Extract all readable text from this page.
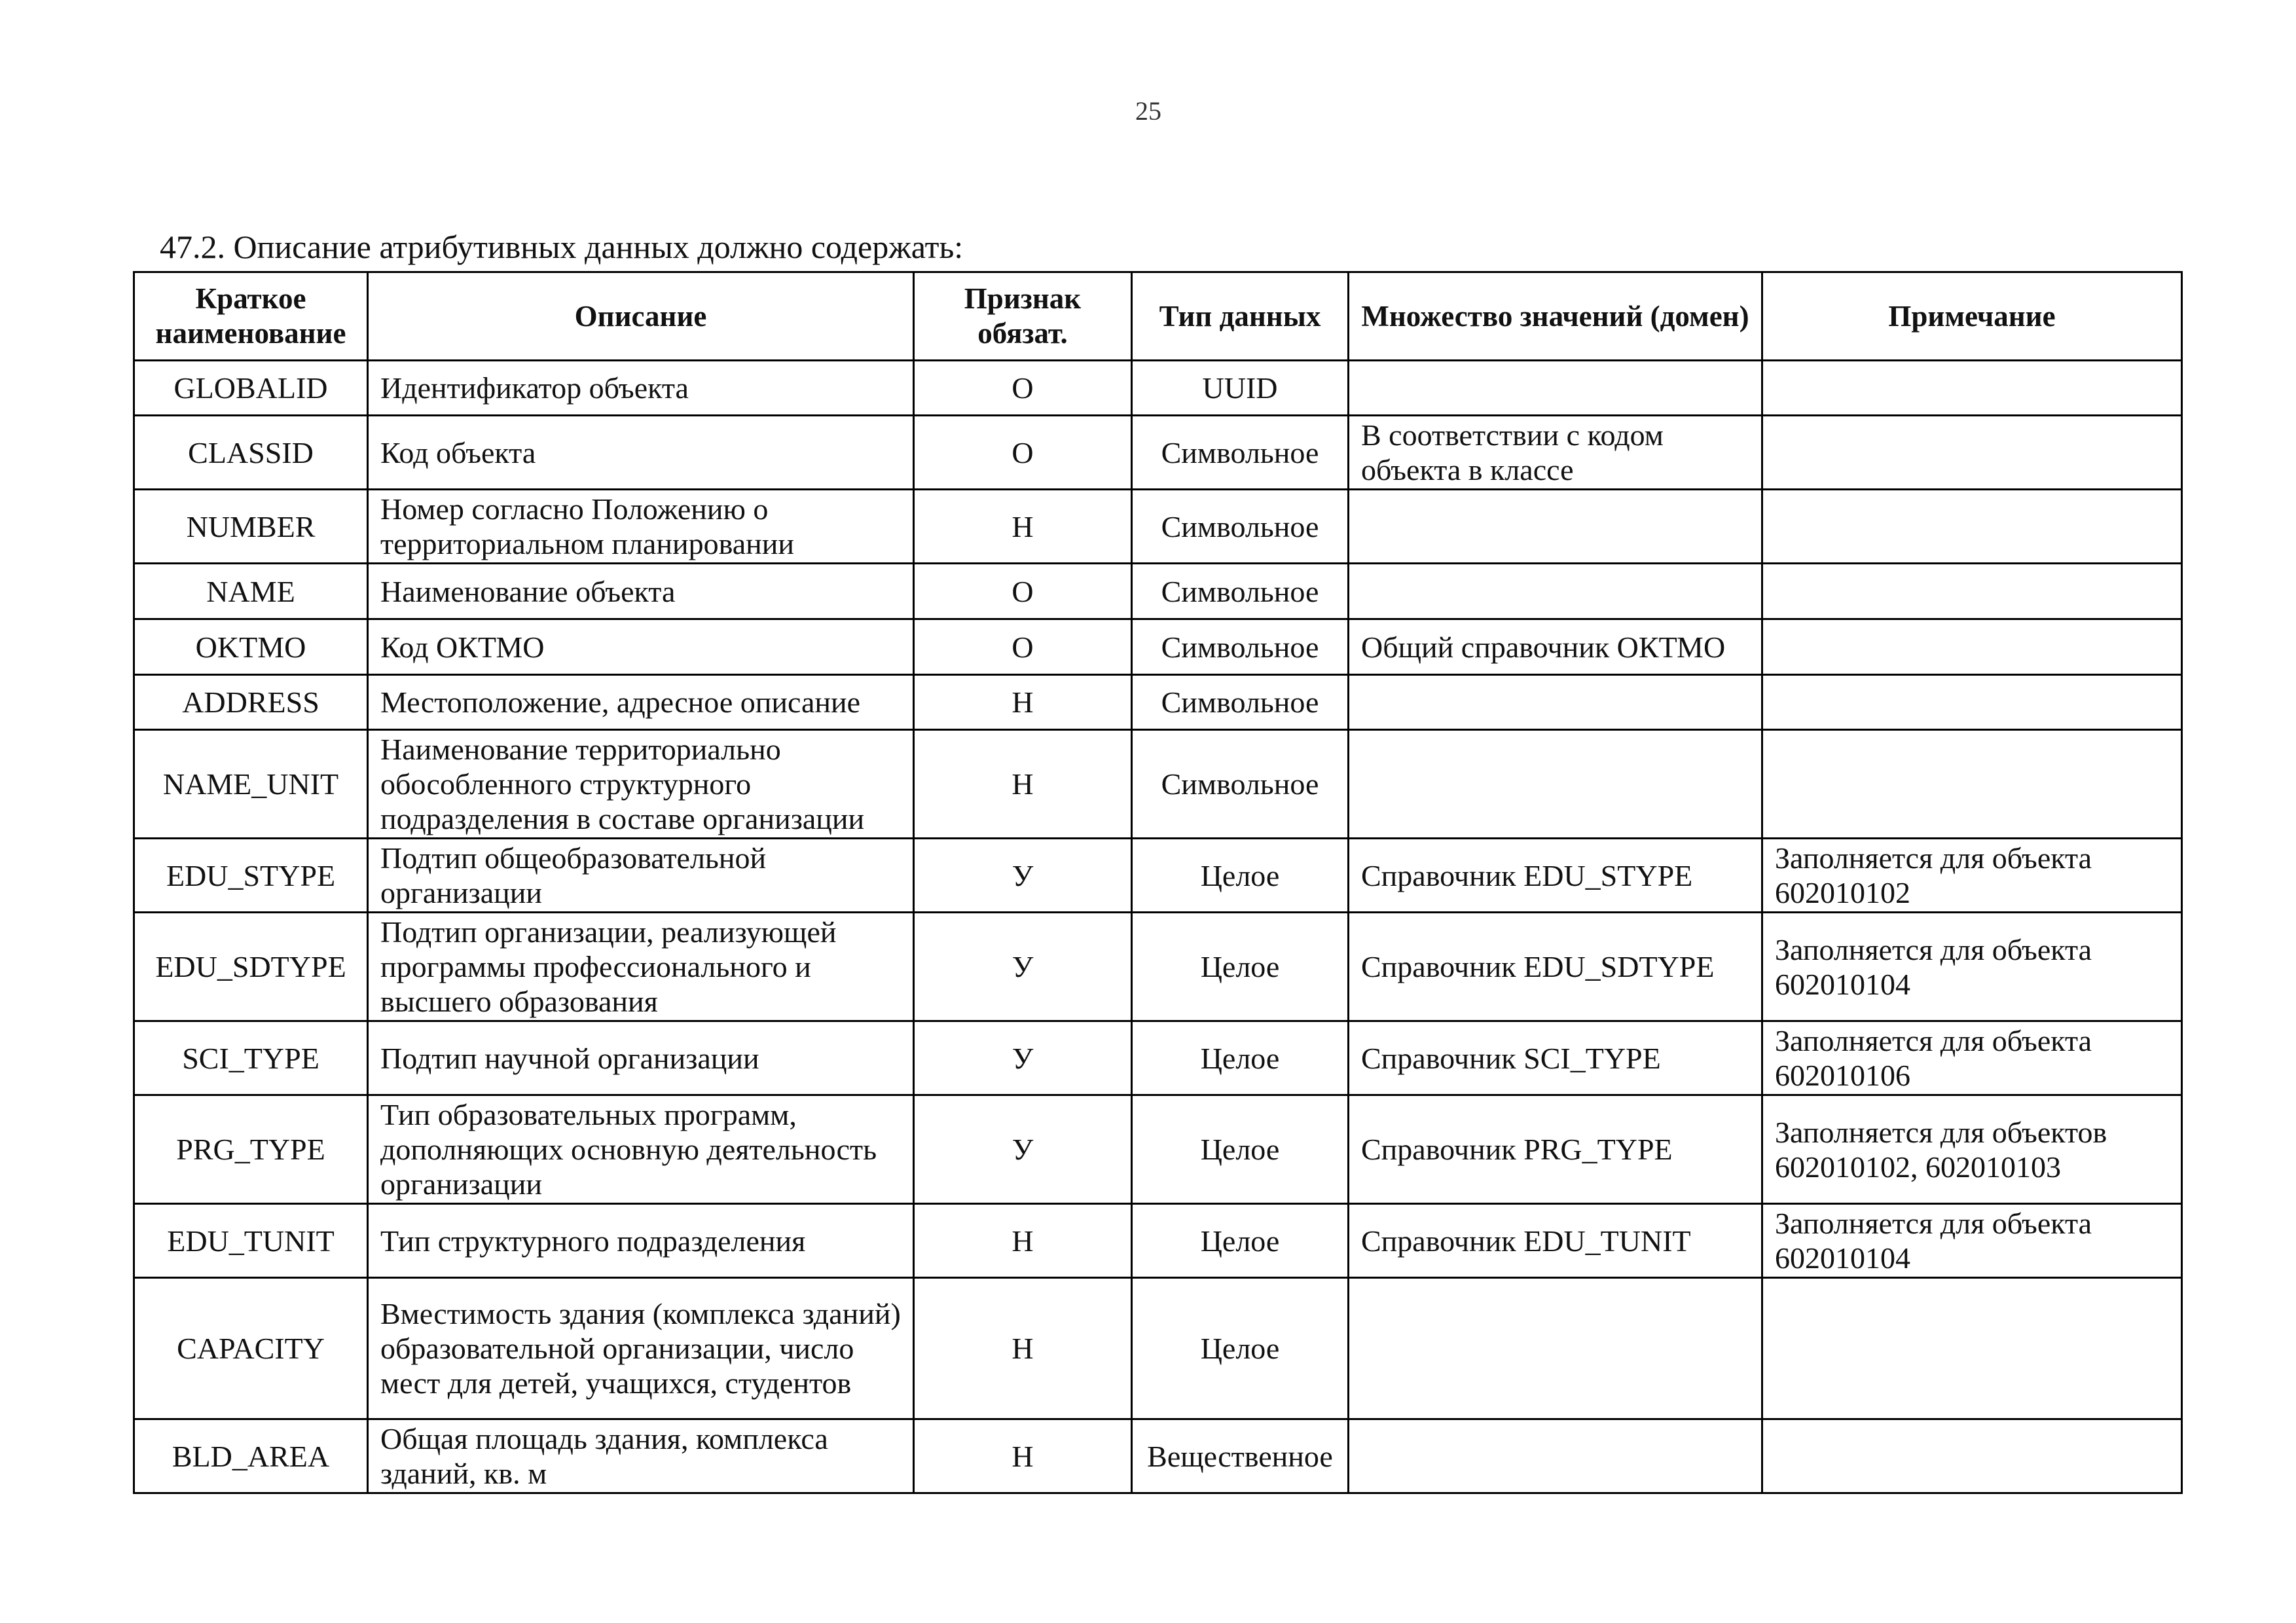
25
47.2. Описание атрибутивных данных должно содержать:
Краткое наименование	Описание	Признак обязат.	Тип данных	Множество значений (домен)	Примечание
GLOBALID	Идентификатор объекта	О	UUID		
CLASSID	Код объекта	О	Символьное	В соответствии с кодом объекта в классе	
NUMBER	Номер согласно Положению о территориальном планировании	Н	Символьное		
NAME	Наименование объекта	О	Символьное		
OKTMO	Код ОКТМО	О	Символьное	Общий справочник ОКТМО	
ADDRESS	Местоположение, адресное описание	Н	Символьное		
NAME_UNIT	Наименование территориально обособленного структурного подразделения в составе организации	Н	Символьное		
EDU_STYPE	Подтип общеобразовательной организации	У	Целое	Справочник EDU_STYPE	Заполняется для объекта 602010102
EDU_SDTYPE	Подтип организации, реализующей программы профессионального и высшего образования	У	Целое	Справочник EDU_SDTYPE	Заполняется для объекта 602010104
SCI_TYPE	Подтип научной организации	У	Целое	Справочник SCI_TYPE	Заполняется для объекта 602010106
PRG_TYPE	Тип образовательных программ, дополняющих основную деятельность организации	У	Целое	Справочник PRG_TYPE	Заполняется для объектов 602010102, 602010103
EDU_TUNIT	Тип структурного подразделения	Н	Целое	Справочник EDU_TUNIT	Заполняется для объекта 602010104
CAPACITY	Вместимость здания (комплекса зданий) образовательной организации, число мест для детей, учащихся, студентов	Н	Целое		
BLD_AREA	Общая площадь здания, комплекса зданий, кв. м	Н	Вещественное		
